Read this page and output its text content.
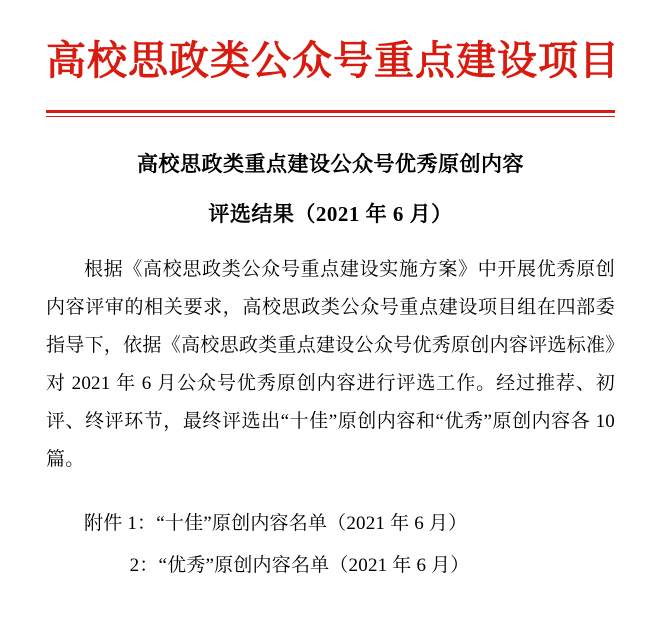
高校思政类公众号重点建设项目
高校思政类重点建设公众号优秀原创内容
评选结果（2021 年 6 月）
根据《高校思政类公众号重点建设实施方案》中开展优秀原创内容评审的相关要求，高校思政类公众号重点建设项目组在四部委指导下，依据《高校思政类重点建设公众号优秀原创内容评选标准》对 2021 年 6 月公众号优秀原创内容进行评选工作。经过推荐、初评、终评环节，最终评选出“十佳”原创内容和“优秀”原创内容各 10 篇。
附件 1：“十佳”原创内容名单（2021 年 6 月）
2：“优秀”原创内容名单（2021 年 6 月）
